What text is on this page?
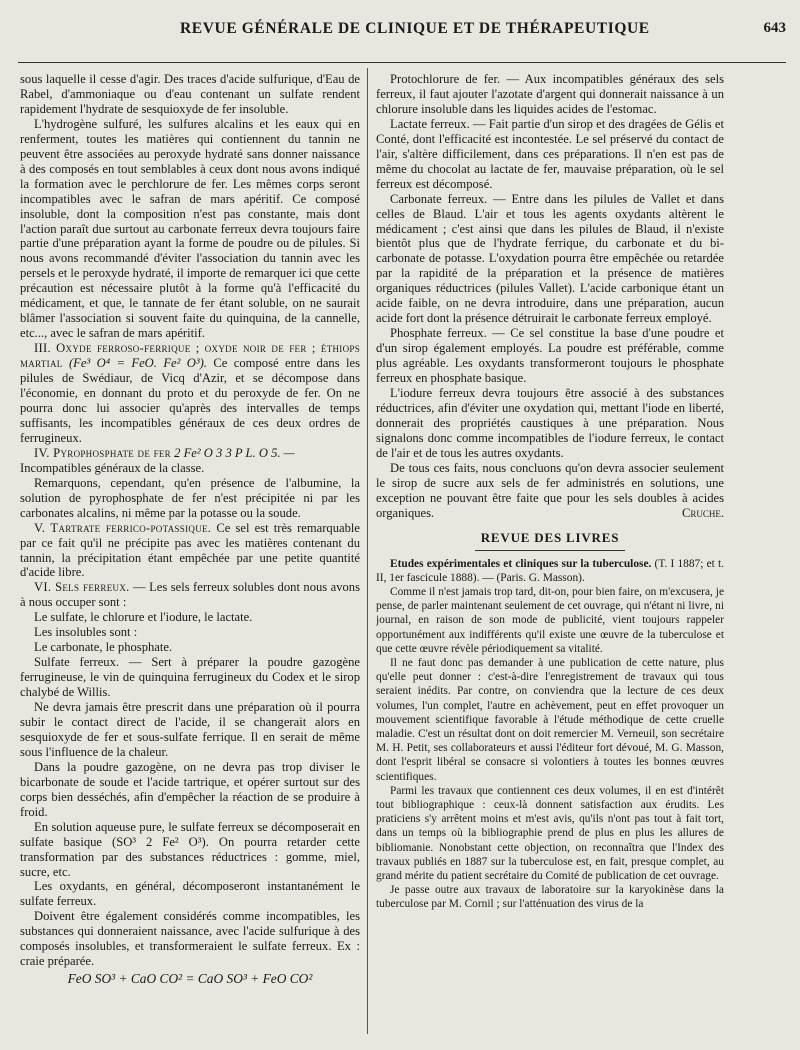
REVUE GÉNÉRALE DE CLINIQUE ET DE THÉRAPEUTIQUE	643

sous laquelle il cesse d'agir. Des traces d'acide sulfurique, d'Eau de Rabel, d'ammoniaque ou d'eau contenant un sulfate rendent rapidement l'hydrate de sesquioxyde de fer insoluble.

L'hydrogène sulfuré, les sulfures alcalins et les eaux qui en renferment, toutes les matières qui contiennent du tannin ne peuvent être associées au peroxyde hydraté sans donner naissance à des composés en tout semblables à ceux dont nous avons indiqué la formation avec le perchlorure de fer. Les mêmes corps seront incompatibles avec le safran de mars apéritif. Ce composé insoluble, dont la composition n'est pas constante, mais dont l'action paraît due surtout au carbonate ferreux devra toujours faire partie d'une préparation ayant la forme de poudre ou de pilules. Si nous avons recommandé d'éviter l'association du tannin avec les persels et le peroxyde hydraté, il importe de remarquer ici que cette précaution est nécessaire plutôt à la forme qu'à l'efficacité du médicament, et que, le tannate de fer étant soluble, on ne saurait blâmer l'association si souvent faite du quinquina, de la cannelle, etc..., avec le safran de mars apéritif.

III. Oxyde ferroso-ferrique ; oxyde noir de fer ; éthiops martial (Fe³ O⁴ = FeO. Fe² O³). Ce composé entre dans les pilules de Swédiaur, de Vicq d'Azir, et se décompose dans l'économie, en donnant du proto et du peroxyde de fer. On ne pourra donc lui associer qu'après des intervalles de temps suffisants, les incompatibles généraux de ces deux ordres de ferrugineux.

IV. Pyrophosphate de fer 2 Fe² O 3 3 P L. O 5. —

Incompatibles généraux de la classe.

Remarquons, cependant, qu'en présence de l'albumine, la solution de pyrophosphate de fer n'est précipitée ni par les carbonates alcalins, ni même par la potasse ou la soude.

V. Tartrate ferrico-potassique. Ce sel est très remarquable par ce fait qu'il ne précipite pas avec les matières contenant du tannin, la précipitation étant empêchée par une petite quantité d'acide libre.

VI. Sels ferreux. — Les sels ferreux solubles dont nous avons à nous occuper sont :

Le sulfate, le chlorure et l'iodure, le lactate.

Les insolubles sont :

Le carbonate, le phosphate.

Sulfate ferreux. — Sert à préparer la poudre gazogène ferrugineuse, le vin de quinquina ferrugineux du Codex et le sirop chalybé de Willis.

Ne devra jamais être prescrit dans une préparation où il pourra subir le contact direct de l'acide, il se changerait alors en sesquioxyde de fer et sous-sulfate ferrique. Il en serait de même sous l'influence de la chaleur.

Dans la poudre gazogène, on ne devra pas trop diviser le bicarbonate de soude et l'acide tartrique, et opérer surtout sur des corps bien desséchés, afin d'empêcher la réaction de se produire à froid.

En solution aqueuse pure, le sulfate ferreux se décomposerait en sulfate basique (SO³ 2 Fe² O³). On pourra retarder cette transformation par des substances réductrices : gomme, miel, sucre, etc.

Les oxydants, en général, décomposeront instantanément le sulfate ferreux.

Doivent être également considérés comme incompatibles, les substances qui donneraient naissance, avec l'acide sulfurique à des composés insolubles, et transformeraient le sulfate ferreux. Ex : craie préparée.

FeO SO³ + CaO CO² = CaO SO³ + FeO CO²

Protochlorure de fer. — Aux incompatibles généraux des sels ferreux, il faut ajouter l'azotate d'argent qui donnerait naissance à un chlorure insoluble dans les liquides acides de l'estomac.

Lactate ferreux. — Fait partie d'un sirop et des dragées de Gélis et Conté, dont l'efficacité est incontestée. Le sel préservé du contact de l'air, s'altère difficilement, dans ces préparations. Il n'en est pas de même du chocolat au lactate de fer, mauvaise préparation, où le sel ferreux est décomposé.

Carbonate ferreux. — Entre dans les pilules de Vallet et dans celles de Blaud. L'air et tous les agents oxydants altèrent le médicament ; c'est ainsi que dans les pilules de Blaud, il n'existe bientôt plus que de l'hydrate ferrique, du carbonate et du bi-carbonate de potasse. L'oxydation pourra être empêchée ou retardée par la rapidité de la préparation et la présence de matières organiques réductrices (pilules Vallet). L'acide carbonique étant un acide faible, on ne devra introduire, dans une préparation, aucun acide fort dont la présence détruirait le carbonate ferreux employé.

Phosphate ferreux. — Ce sel constitue la base d'une poudre et d'un sirop également employés. La poudre est préférable, comme plus agréable. Les oxydants transformeront toujours le phosphate ferreux en phosphate basique.

L'iodure ferreux devra toujours être associé à des substances réductrices, afin d'éviter une oxydation qui, mettant l'iode en liberté, donnerait des propriétés caustiques à une préparation. Nous signalons donc comme incompatibles de l'iodure ferreux, le contact de l'air et de tous les autres oxydants.

De tous ces faits, nous concluons qu'on devra associer seulement le sirop de sucre aux sels de fer administrés en solutions, une exception ne pouvant être faite que pour les sels doubles à acides organiques.	Cruche.

REVUE DES LIVRES

Etudes expérimentales et cliniques sur la tuberculose. (T. I 1887; et t. II, 1er fascicule 1888). — (Paris. G. Masson).

Comme il n'est jamais trop tard, dit-on, pour bien faire, on m'excusera, je pense, de parler maintenant seulement de cet ouvrage, qui n'étant ni livre, ni journal, en raison de son mode de publicité, vient toujours rappeler opportunément aux indifférents qu'il existe une œuvre de la tuberculose et que cette œuvre révèle périodiquement sa vitalité.

Il ne faut donc pas demander à une publication de cette nature, plus qu'elle peut donner : c'est-à-dire l'enregistrement de travaux qui tous seraient inédits. Par contre, on conviendra que la lecture de ces deux volumes, l'un complet, l'autre en achèvement, peut en effet provoquer un mouvement scientifique favorable à l'étude méthodique de cette cruelle maladie. C'est un résultat dont on doit remercier M. Verneuil, son secrétaire M. H. Petit, ses collaborateurs et aussi l'éditeur fort dévoué, M. G. Masson, dont l'esprit libéral se consacre si volontiers à toutes les bonnes œuvres scientifiques.

Parmi les travaux que contiennent ces deux volumes, il en est d'intérêt tout bibliographique : ceux-là donnent satisfaction aux érudits. Les praticiens s'y arrêtent moins et m'est avis, qu'ils n'ont pas tout à fait tort, dans un temps où la bibliographie prend de plus en plus les allures de bibliomanie. Nonobstant cette objection, on reconnaîtra que l'Index des travaux publiés en 1887 sur la tuberculose est, en fait, presque complet, au grand mérite du patient secrétaire du Comité de publication de cet ouvrage.

Je passe outre aux travaux de laboratoire sur la karyokinèse dans la tuberculose par M. Cornil ; sur l'atténuation des virus de la
